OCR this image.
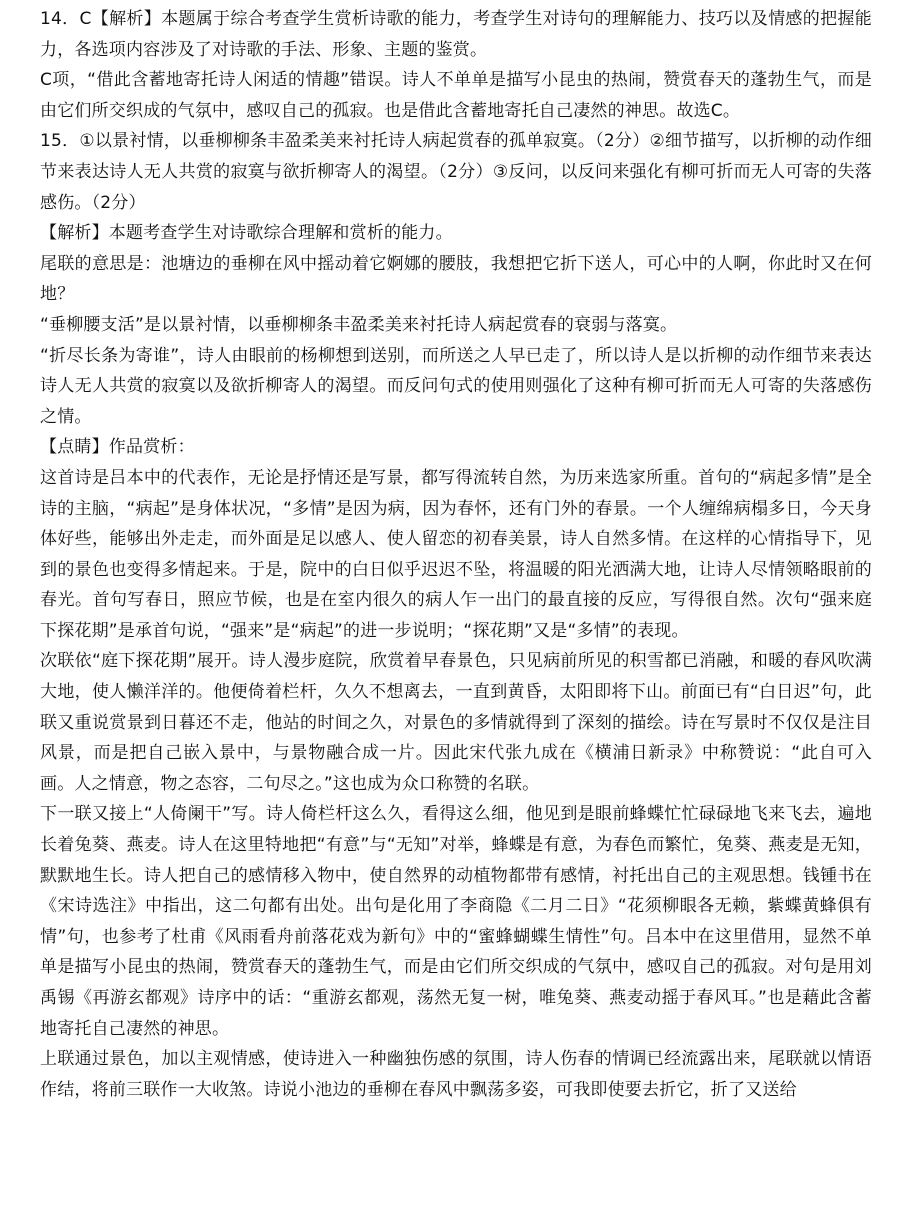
14．C【解析】本题属于综合考查学生赏析诗歌的能力，考查学生对诗句的理解能力、技巧以及情感的把握能力，各选项内容涉及了对诗歌的手法、形象、主题的鉴赏。

C项，“借此含蓄地寄托诗人闲适的情趣”错误。诗人不单单是描写小昆虫的热闹，赞赏春天的蓬勃生气，而是由它们所交织成的气氛中，感叹自己的孤寂。也是借此含蓄地寄托自己凄然的神思。故选C。

15．①以景衬情，以垂柳柳条丰盈柔美来衬托诗人病起赏春的孤单寂寞。（2分）②细节描写，以折柳的动作细节来表达诗人无人共赏的寂寞与欲折柳寄人的渴望。（2分）③反问，以反问来强化有柳可折而无人可寄的失落感伤。（2分）

【解析】本题考查学生对诗歌综合理解和赏析的能力。

尾联的意思是：池塘边的垂柳在风中摇动着它婀娜的腰肢，我想把它折下送人，可心中的人啊，你此时又在何地？

“垂柳腰支活”是以景衬情，以垂柳柳条丰盈柔美来衬托诗人病起赏春的衰弱与落寞。

“折尽长条为寄谁”，诗人由眼前的杨柳想到送别，而所送之人早已走了，所以诗人是以折柳的动作细节来表达诗人无人共赏的寂寞以及欲折柳寄人的渴望。而反问句式的使用则强化了这种有柳可折而无人可寄的失落感伤之情。

【点睛】作品赏析：

这首诗是吕本中的代表作，无论是抒情还是写景，都写得流转自然，为历来选家所重。首句的“病起多情”是全诗的主脑，“病起”是身体状况，“多情”是因为病，因为春怀，还有门外的春景。一个人缠绵病榻多日，今天身体好些，能够出外走走，而外面是足以感人、使人留恋的初春美景，诗人自然多情。在这样的心情指导下，见到的景色也变得多情起来。于是，院中的白日似乎迟迟不坠，将温暖的阳光洒满大地，让诗人尽情领略眼前的春光。首句写春日，照应节候，也是在室内很久的病人乍一出门的最直接的反应，写得很自然。次句“强来庭下探花期”是承首句说，“强来”是“病起”的进一步说明；“探花期”又是“多情”的表现。

次联依“庭下探花期”展开。诗人漫步庭院，欣赏着早春景色，只见病前所见的积雪都已消融，和暖的春风吹满大地，使人懒洋洋的。他便倚着栏杆，久久不想离去，一直到黄昏，太阳即将下山。前面已有“白日迟”句，此联又重说赏景到日暮还不走，他站的时间之久，对景色的多情就得到了深刻的描绘。诗在写景时不仅仅是注目风景，而是把自己嵌入景中，与景物融合成一片。因此宋代张九成在《横浦日新录》中称赞说：“此自可入画。人之情意，物之态容，二句尽之。”这也成为众口称赞的名联。

下一联又接上“人倚阑干”写。诗人倚栏杆这么久，看得这么细，他见到是眼前蜂蝶忙忙碌碌地飞来飞去，遍地长着兔葵、燕麦。诗人在这里特地把“有意”与“无知”对举，蜂蝶是有意，为春色而繁忙，兔葵、燕麦是无知，默默地生长。诗人把自己的感情移入物中，使自然界的动植物都带有感情，衬托出自己的主观思想。钱锺书在《宋诗选注》中指出，这二句都有出处。出句是化用了李商隐《二月二日》“花须柳眼各无赖，紫蝶黄蜂俱有情”句，也参考了杜甫《风雨看舟前落花戏为新句》中的“蜜蜂蝴蝶生情性”句。吕本中在这里借用，显然不单单是描写小昆虫的热闹，赞赏春天的蓬勃生气，而是由它们所交织成的气氛中，感叹自己的孤寂。对句是用刘禹锡《再游玄都观》诗序中的话：“重游玄都观，荡然无复一树，唯兔葵、燕麦动摇于春风耳。”也是藉此含蓄地寄托自己凄然的神思。

上联通过景色，加以主观情感，使诗进入一种幽独伤感的氛围，诗人伤春的情调已经流露出来，尾联就以情语作结，将前三联作一大收煞。诗说小池边的垂柳在春风中飘荡多姿，可我即使要去折它，折了又送给
